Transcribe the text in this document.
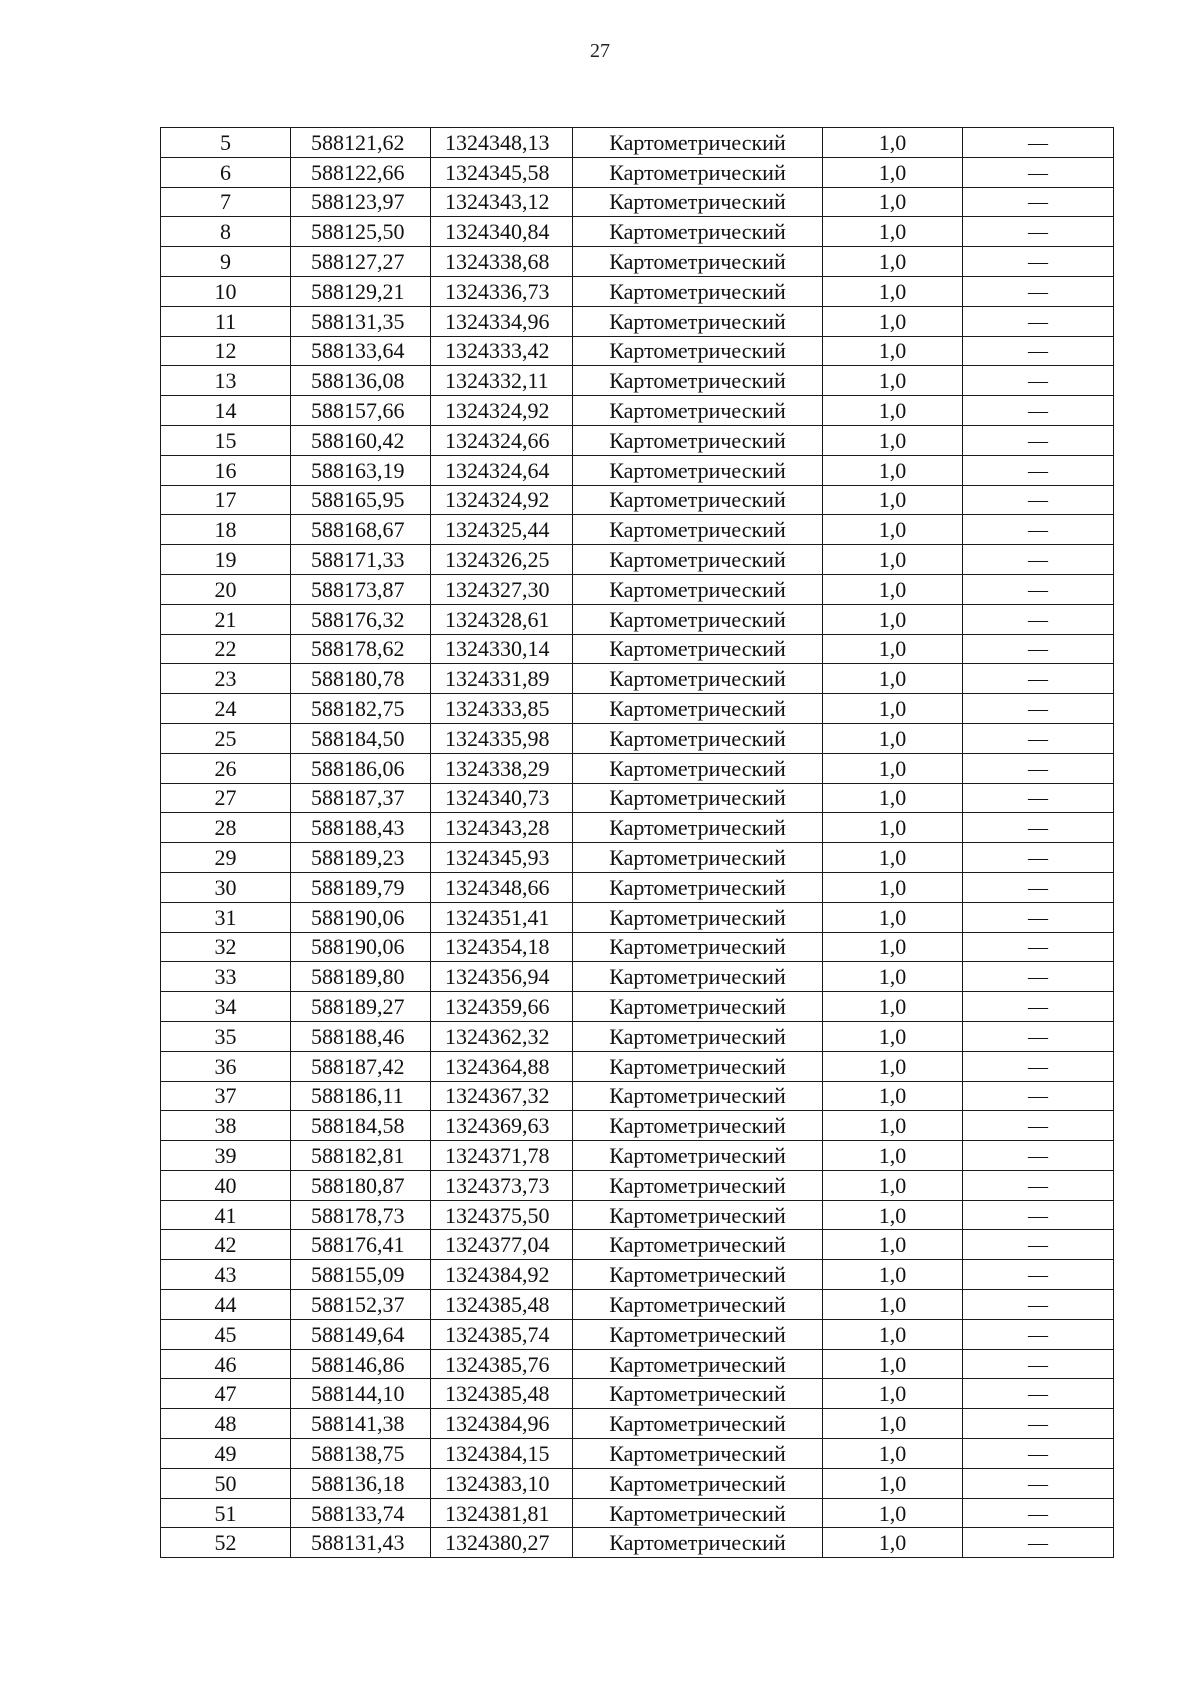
27
5	588121,62	1324348,13	Картометрический	1,0	—
6	588122,66	1324345,58	Картометрический	1,0	—
7	588123,97	1324343,12	Картометрический	1,0	—
8	588125,50	1324340,84	Картометрический	1,0	—
9	588127,27	1324338,68	Картометрический	1,0	—
10	588129,21	1324336,73	Картометрический	1,0	—
11	588131,35	1324334,96	Картометрический	1,0	—
12	588133,64	1324333,42	Картометрический	1,0	—
13	588136,08	1324332,11	Картометрический	1,0	—
14	588157,66	1324324,92	Картометрический	1,0	—
15	588160,42	1324324,66	Картометрический	1,0	—
16	588163,19	1324324,64	Картометрический	1,0	—
17	588165,95	1324324,92	Картометрический	1,0	—
18	588168,67	1324325,44	Картометрический	1,0	—
19	588171,33	1324326,25	Картометрический	1,0	—
20	588173,87	1324327,30	Картометрический	1,0	—
21	588176,32	1324328,61	Картометрический	1,0	—
22	588178,62	1324330,14	Картометрический	1,0	—
23	588180,78	1324331,89	Картометрический	1,0	—
24	588182,75	1324333,85	Картометрический	1,0	—
25	588184,50	1324335,98	Картометрический	1,0	—
26	588186,06	1324338,29	Картометрический	1,0	—
27	588187,37	1324340,73	Картометрический	1,0	—
28	588188,43	1324343,28	Картометрический	1,0	—
29	588189,23	1324345,93	Картометрический	1,0	—
30	588189,79	1324348,66	Картометрический	1,0	—
31	588190,06	1324351,41	Картометрический	1,0	—
32	588190,06	1324354,18	Картометрический	1,0	—
33	588189,80	1324356,94	Картометрический	1,0	—
34	588189,27	1324359,66	Картометрический	1,0	—
35	588188,46	1324362,32	Картометрический	1,0	—
36	588187,42	1324364,88	Картометрический	1,0	—
37	588186,11	1324367,32	Картометрический	1,0	—
38	588184,58	1324369,63	Картометрический	1,0	—
39	588182,81	1324371,78	Картометрический	1,0	—
40	588180,87	1324373,73	Картометрический	1,0	—
41	588178,73	1324375,50	Картометрический	1,0	—
42	588176,41	1324377,04	Картометрический	1,0	—
43	588155,09	1324384,92	Картометрический	1,0	—
44	588152,37	1324385,48	Картометрический	1,0	—
45	588149,64	1324385,74	Картометрический	1,0	—
46	588146,86	1324385,76	Картометрический	1,0	—
47	588144,10	1324385,48	Картометрический	1,0	—
48	588141,38	1324384,96	Картометрический	1,0	—
49	588138,75	1324384,15	Картометрический	1,0	—
50	588136,18	1324383,10	Картометрический	1,0	—
51	588133,74	1324381,81	Картометрический	1,0	—
52	588131,43	1324380,27	Картометрический	1,0	—
